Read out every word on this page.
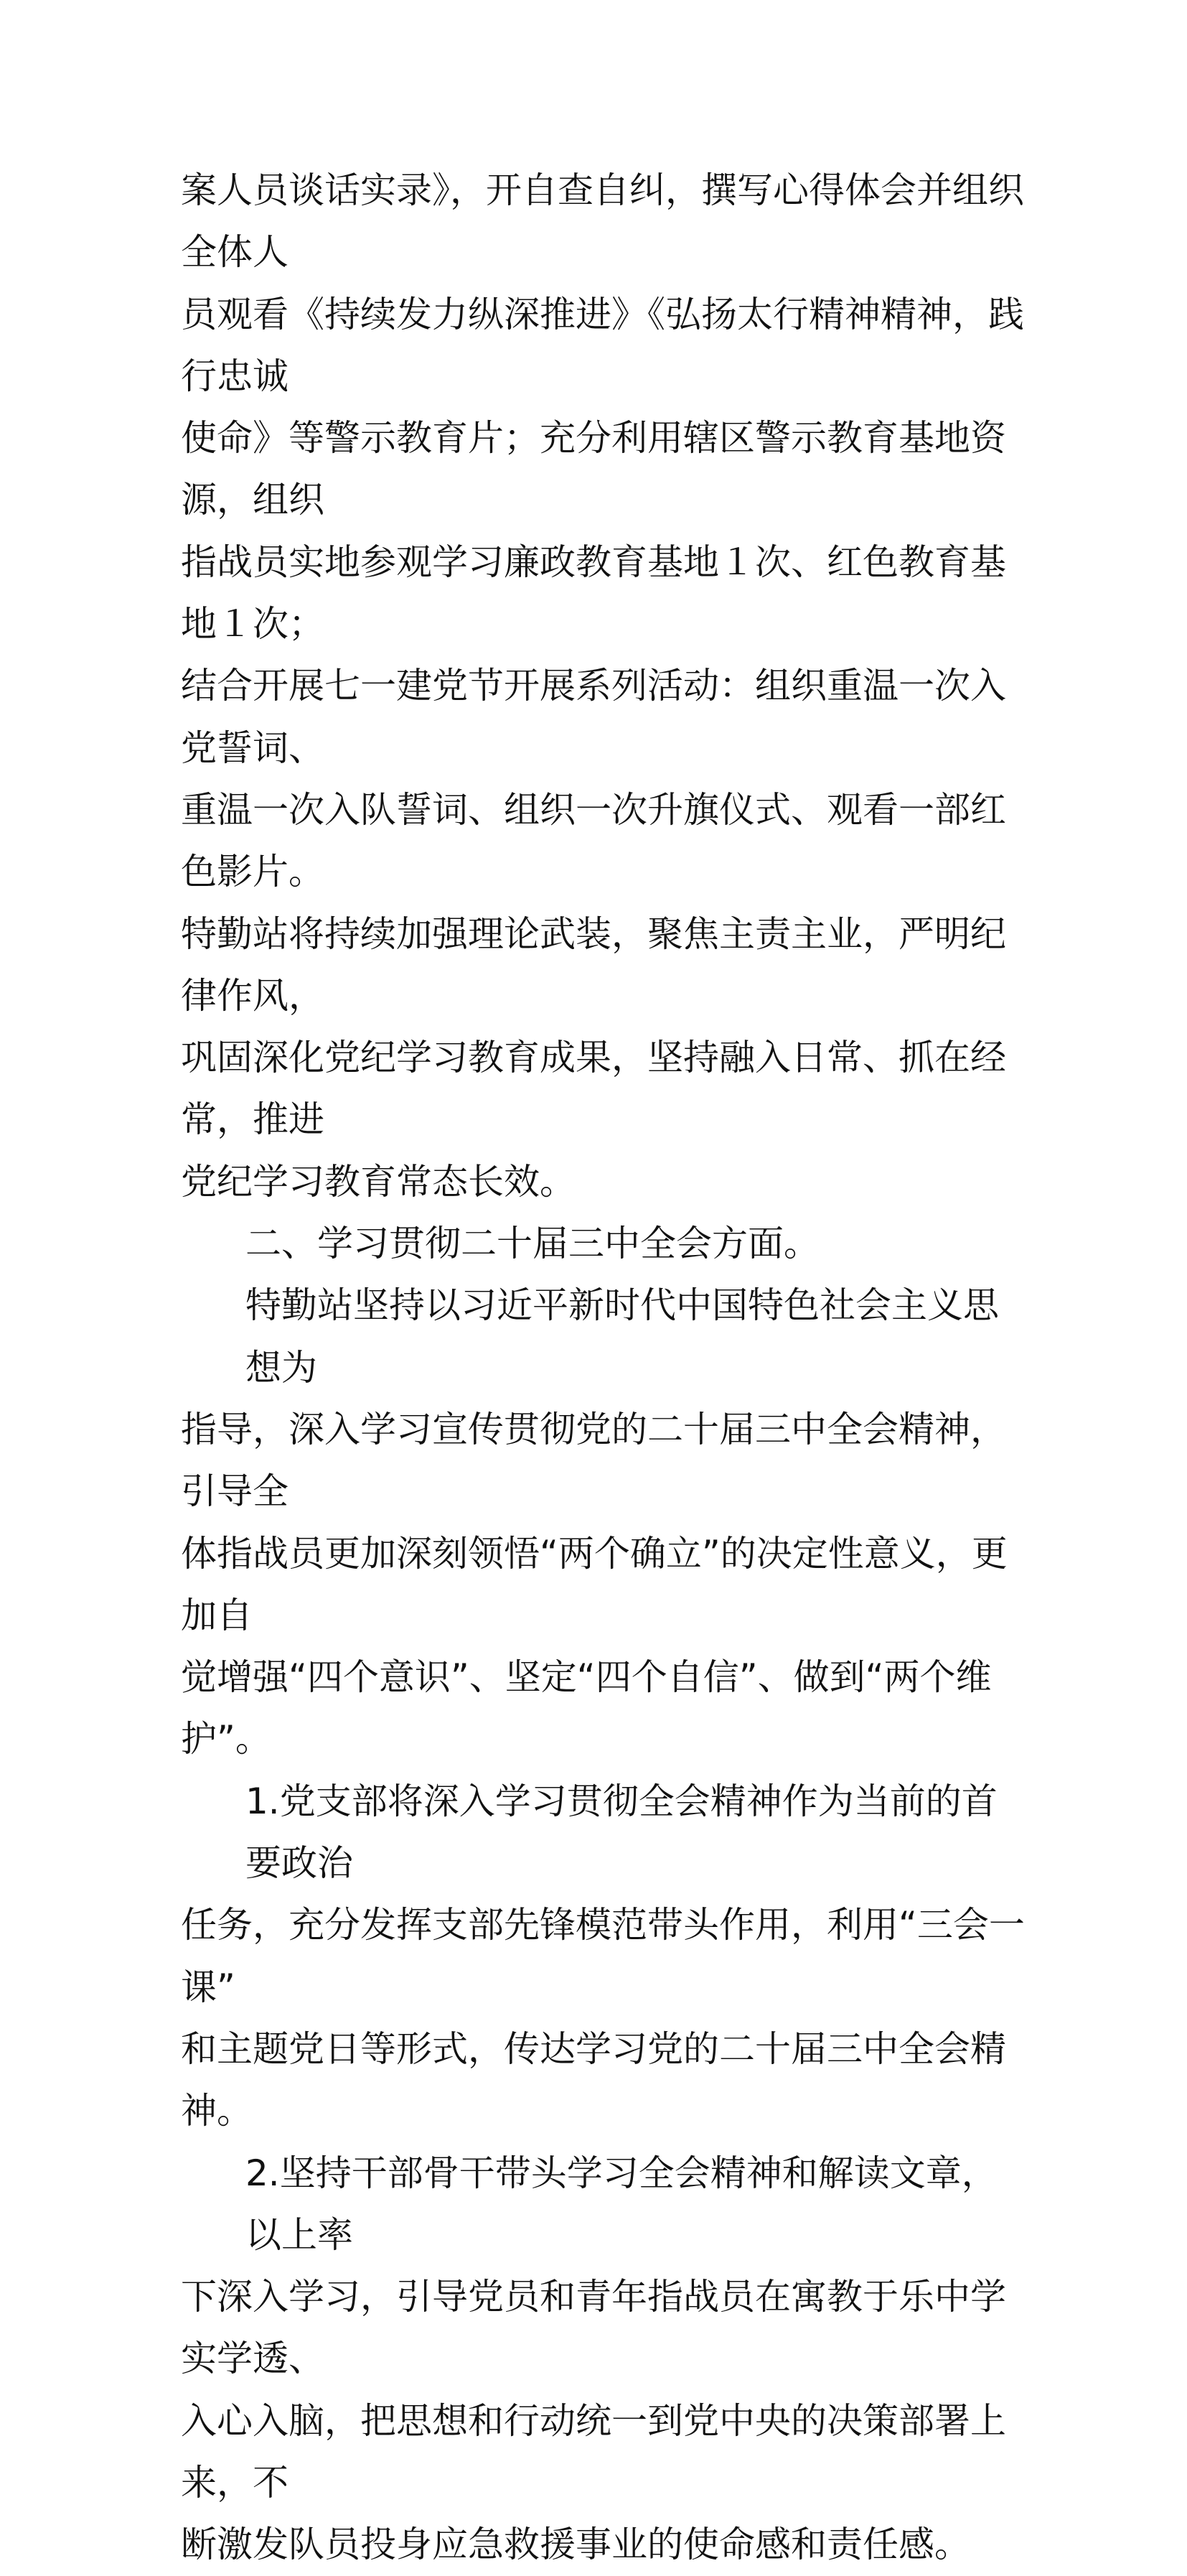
案人员谈话实录》，开自查自纠，撰写心得体会并组织全体人
员观看《持续发力纵深推进》《弘扬太行精神精神，践行忠诚
使命》等警示教育片；充分利用辖区警示教育基地资源，组织
指战员实地参观学习廉政教育基地１次、红色教育基地１次；
结合开展七一建党节开展系列活动：组织重温一次入党誓词、
重温一次入队誓词、组织一次升旗仪式、观看一部红色影片。
特勤站将持续加强理论武装，聚焦主责主业，严明纪律作风，
巩固深化党纪学习教育成果，坚持融入日常、抓在经常，推进
党纪学习教育常态长效。
二、学习贯彻二十届三中全会方面。
特勤站坚持以习近平新时代中国特色社会主义思想为
指导，深入学习宣传贯彻党的二十届三中全会精神，引导全
体指战员更加深刻领悟“两个确立”的决定性意义，更加自
觉增强“四个意识”、坚定“四个自信”、做到“两个维
护”。
1.党支部将深入学习贯彻全会精神作为当前的首要政治
任务，充分发挥支部先锋模范带头作用，利用“三会一课”
和主题党日等形式，传达学习党的二十届三中全会精神。
2.坚持干部骨干带头学习全会精神和解读文章，以上率
下深入学习，引导党员和青年指战员在寓教于乐中学实学透、
入心入脑，把思想和行动统一到党中央的决策部署上来，不
断激发队员投身应急救援事业的使命感和责任感。
